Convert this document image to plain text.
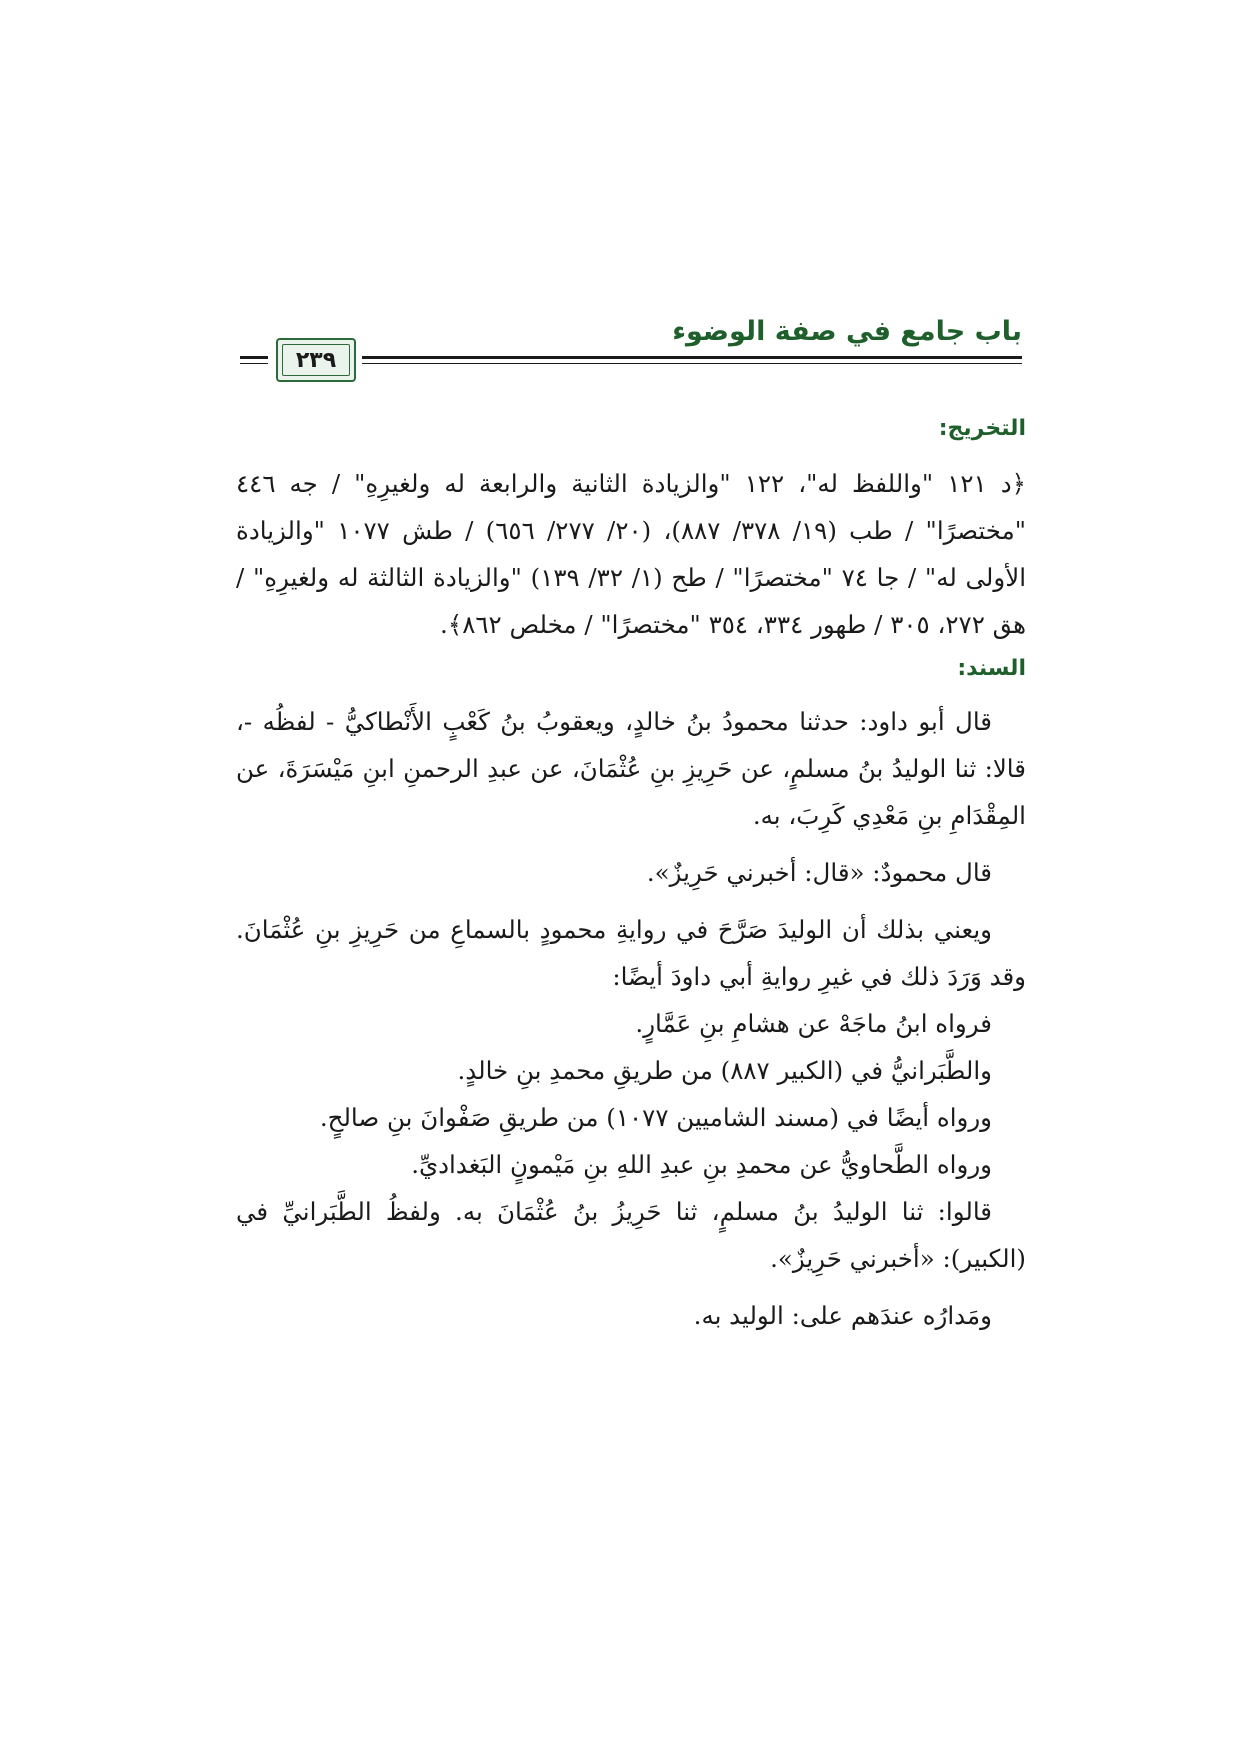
باب جامع في صفة الوضوء
٢٣٩
التخريج:

﴿د ١٢١ "واللفظ له"، ١٢٢ "والزيادة الثانية والرابعة له ولغيرِهِ" / جه ٤٤٦ "مختصرًا" / طب (١٩/ ٣٧٨/ ٨٨٧)، (٢٠/ ٢٧٧/ ٦٥٦) / طش ١٠٧٧ "والزيادة الأولى له" / جا ٧٤ "مختصرًا" / طح (١/ ٣٢/ ١٣٩) "والزيادة الثالثة له ولغيرِهِ" / هق ٢٧٢، ٣٠٥ / طهور ٣٣٤، ٣٥٤ "مختصرًا" / مخلص ٨٦٢﴾.

السند:

قال أبو داود: حدثنا محمودُ بنُ خالدٍ، ويعقوبُ بنُ كَعْبٍ الأَنْطاكيُّ - لفظُه -، قالا: ثنا الوليدُ بنُ مسلمٍ، عن حَرِيزِ بنِ عُثْمَانَ، عن عبدِ الرحمنِ ابنِ مَيْسَرَةَ، عن المِقْدَامِ بنِ مَعْدِي كَرِبَ، به.

قال محمودٌ: «قال: أخبرني حَرِيزٌ».

ويعني بذلك أن الوليدَ صَرَّحَ في روايةِ محمودٍ بالسماعِ من حَرِيزِ بنِ عُثْمَانَ. وقد وَرَدَ ذلك في غيرِ روايةِ أبي داودَ أيضًا:

فرواه ابنُ ماجَهْ عن هشامِ بنِ عَمَّارٍ.

والطَّبَرانيُّ في (الكبير ٨٨٧) من طريقِ محمدِ بنِ خالدٍ.

ورواه أيضًا في (مسند الشاميين ١٠٧٧) من طريقِ صَفْوانَ بنِ صالحٍ.

ورواه الطَّحاويُّ عن محمدِ بنِ عبدِ اللهِ بنِ مَيْمونٍ البَغداديِّ.

قالوا: ثنا الوليدُ بنُ مسلمٍ، ثنا حَرِيزُ بنُ عُثْمَانَ به. ولفظُ الطَّبَرانيِّ في (الكبير): «أخبرني حَرِيزٌ».

ومَدارُه عندَهم على: الوليد به.
